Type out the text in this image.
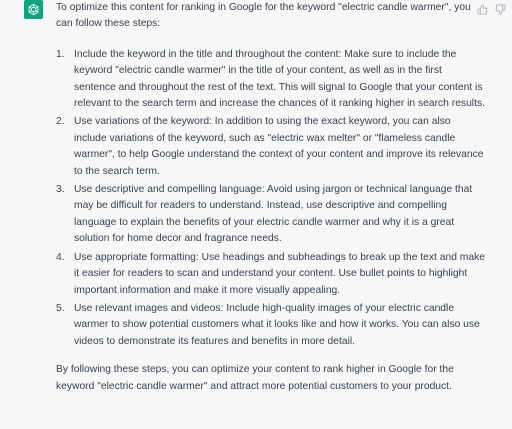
To optimize this content for ranking in Google for the keyword "electric candle warmer", you can follow these steps:

1. Include the keyword in the title and throughout the content: Make sure to include the keyword "electric candle warmer" in the title of your content, as well as in the first sentence and throughout the rest of the text. This will signal to Google that your content is relevant to the search term and increase the chances of it ranking higher in search results.
2. Use variations of the keyword: In addition to using the exact keyword, you can also include variations of the keyword, such as "electric wax melter" or "flameless candle warmer", to help Google understand the context of your content and improve its relevance to the search term.
3. Use descriptive and compelling language: Avoid using jargon or technical language that may be difficult for readers to understand. Instead, use descriptive and compelling language to explain the benefits of your electric candle warmer and why it is a great solution for home decor and fragrance needs.
4. Use appropriate formatting: Use headings and subheadings to break up the text and make it easier for readers to scan and understand your content. Use bullet points to highlight important information and make it more visually appealing.
5. Use relevant images and videos: Include high-quality images of your electric candle warmer to show potential customers what it looks like and how it works. You can also use videos to demonstrate its features and benefits in more detail.

By following these steps, you can optimize your content to rank higher in Google for the keyword "electric candle warmer" and attract more potential customers to your product.
